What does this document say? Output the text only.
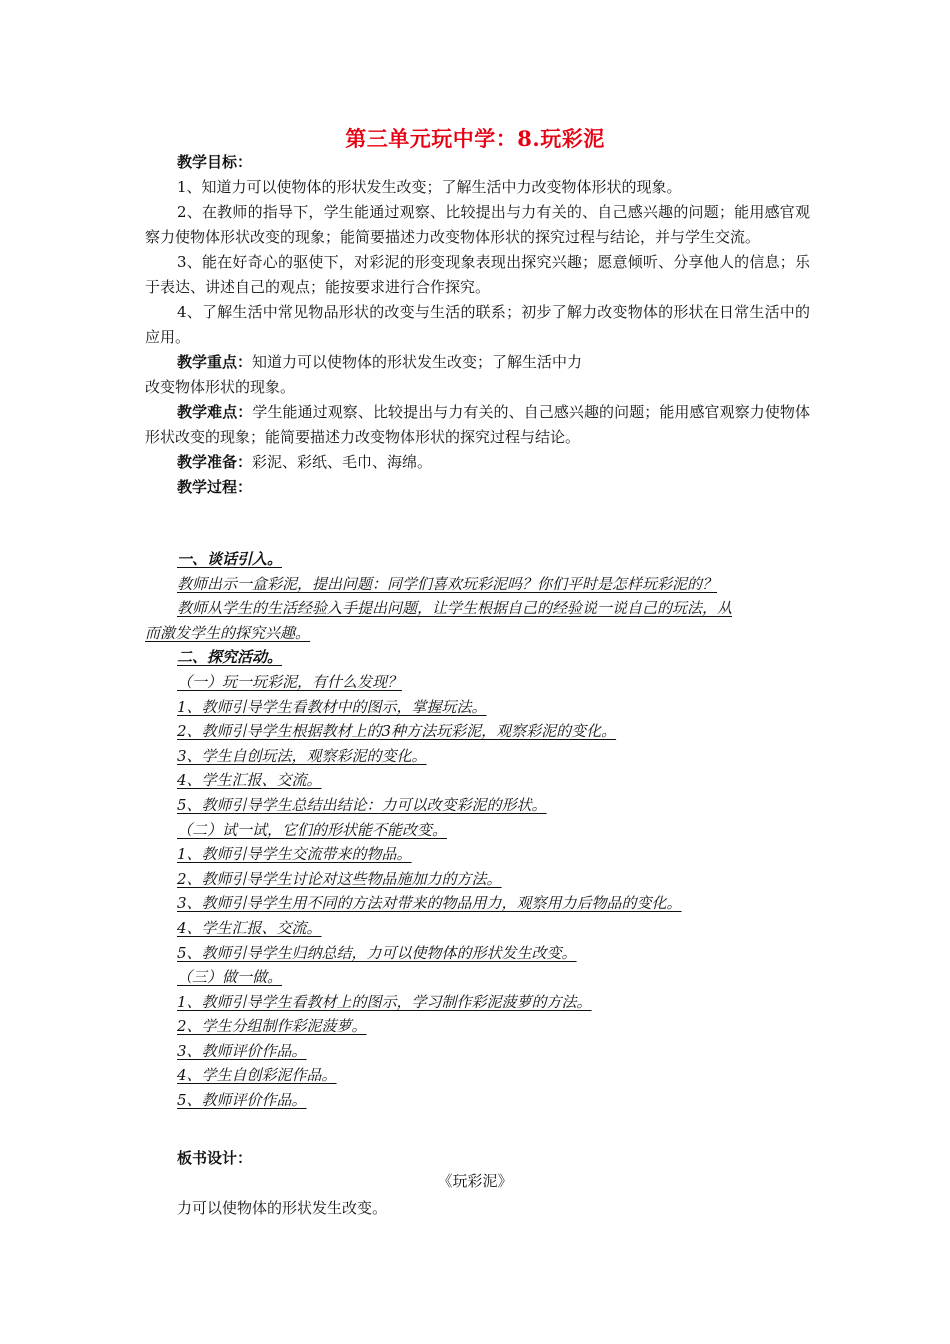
第三单元玩中学：8.玩彩泥

教学目标：

1、知道力可以使物体的形状发生改变；了解生活中力改变物体形状的现象。

2、在教师的指导下，学生能通过观察、比较提出与力有关的、自己感兴趣的问题；能用感官观察力使物体形状改变的现象；能简要描述力改变物体形状的探究过程与结论，并与学生交流。

3、能在好奇心的驱使下，对彩泥的形变现象表现出探究兴趣；愿意倾听、分享他人的信息；乐于表达、讲述自己的观点；能按要求进行合作探究。

4、了解生活中常见物品形状的改变与生活的联系；初步了解力改变物体的形状在日常生活中的应用。

教学重点：知道力可以使物体的形状发生改变；了解生活中力

改变物体形状的现象。

教学难点：学生能通过观察、比较提出与力有关的、自己感兴趣的问题；能用感官观察力使物体形状改变的现象；能简要描述力改变物体形状的探究过程与结论。

教学准备：彩泥、彩纸、毛巾、海绵。

教学过程：

一、谈话引入。
教师出示一盒彩泥，提出问题：同学们喜欢玩彩泥吗？你们平时是怎样玩彩泥的？
教师从学生的生活经验入手提出问题，让学生根据自己的经验说一说自己的玩法，从
而激发学生的探究兴趣。
二、探究活动。
（一）玩一玩彩泥，有什么发现？
1、教师引导学生看教材中的图示，掌握玩法。
2、教师引导学生根据教材上的3种方法玩彩泥，观察彩泥的变化。
3、学生自创玩法，观察彩泥的变化。
4、学生汇报、交流。
5、教师引导学生总结出结论：力可以改变彩泥的形状。
（二）试一试，它们的形状能不能改变。
1、教师引导学生交流带来的物品。
2、教师引导学生讨论对这些物品施加力的方法。
3、教师引导学生用不同的方法对带来的物品用力，观察用力后物品的变化。
4、学生汇报、交流。
5、教师引导学生归纳总结，力可以使物体的形状发生改变。
（三）做一做。
1、教师引导学生看教材上的图示，学习制作彩泥菠萝的方法。
2、学生分组制作彩泥菠萝。
3、教师评价作品。
4、学生自创彩泥作品。
5、教师评价作品。
板书设计：
《玩彩泥》
力可以使物体的形状发生改变。
